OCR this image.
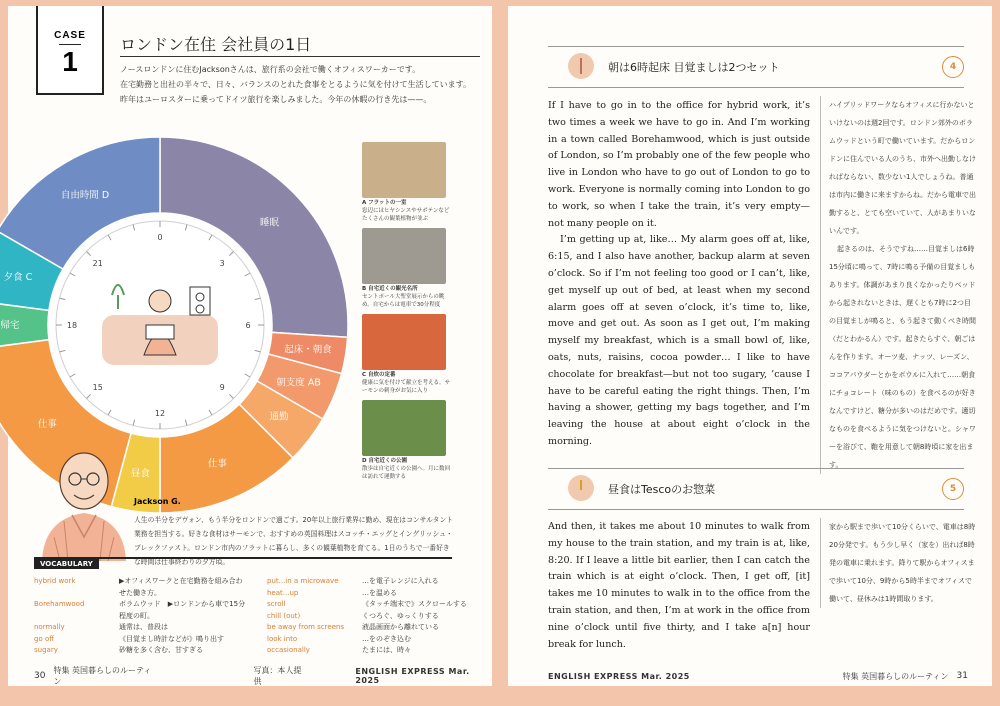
CASE
1
ロンドン在住 会社員の1日
ノースロンドンに住むJacksonさんは、旅行系の会社で働くオフィスワーカーです。
在宅勤務と出社の半々で、日々、バランスのとれた食事をとるように気を付けて生活しています。
昨年はユーロスターに乗ってドイツ旅行を楽しみました。今年の休暇の行き先は——。
睡眠
起床・朝食
朝支度 AB
通勤
仕事
昼食
仕事
帰宅
夕食 C
自由時間 D
0
3
6
9
12
15
18
21
A フラットの一室
窓辺にはヒヤシンスやサボテンなどたくさんの観葉植物が並ぶ
B 自宅近くの観光名所
セントポール大聖堂展示からの眺め。自宅からは電車で30分程度
C 自炊の定番
健康に気を付けて献立を考える。サーモンの刺身がお気に入り
D 自宅近くの公園
散歩は自宅近くの公園へ。月に数回は訪れて運動する
Jackson G.
人生の半分をデヴォン、もう半分をロンドンで過ごす。20年以上旅行業界に勤め、現在はコンサルタント業務を担当する。好きな食材はサーモンで、おすすめの英国料理はスコッチ・エッグとイングリッシュ・ブレックファスト。ロンドン市内のフラットに暮らし、多くの観葉植物を育てる。1日のうちで一番好きな時間は仕事終わりの夕方頃。
VOCABULARY
hybrid work	▶オフィスワークと在宅勤務を組み合わせた働き方。
Borehamwood	ボラムウッド　▶ロンドンから車で15分程度の町。
normally	通常は、普段は
go off	《目覚まし時計などが》鳴り出す
sugary	砂糖を多く含む、甘すぎる
put...in a microwave	…を電子レンジに入れる
heat...up	…を温める
scroll	《タッチ端末で》スクロールする
chill (out)	くつろぐ、ゆっくりする
be away from screens	液晶画面から離れている
look into	…をのぞき込む
occasionally	たまには、時々
30
特集 英国暮らしのルーティン
写真：本人提供
ENGLISH EXPRESS Mar. 2025
朝は6時起床 目覚ましは2つセット	4

If I have to go in to the office for hybrid work, it’s two times a week we have to go in. And I’m working in a town called Borehamwood, which is just outside of London, so I’m probably one of the few people who live in London who have to go out of London to go to work. Everyone is normally coming into London to go to work, so when I take the train, it’s very empty—not many people on it.

I’m getting up at, like… My alarm goes off at, like, 6:15, and I also have another, backup alarm at seven o’clock. So if I’m not feeling too good or I can’t, like, get myself up out of bed, at least when my second alarm goes off at seven o’clock, it’s time to, like, move and get out. As soon as I get out, I’m making myself my breakfast, which is a small bowl of, like, oats, nuts, raisins, cocoa powder… I like to have chocolate for breakfast—but not too sugary, ’cause I have to be careful eating the right things. Then, I’m having a shower, getting my bags together, and I’m leaving the house at about eight o’clock in the morning.

ハイブリッドワークならオフィスに行かないといけないのは週2回です。ロンドン郊外のボラムウッドという町で働いています。だからロンドンに住んでいる人のうち、市外へ出勤しなければならない、数少ない1人でしょうね。普通は市内に働きに来ますからね。だから電車で出勤すると、とても空いていて、人があまりいないんです。

起きるのは、そうですね……目覚ましは6時15分頃に鳴って、7時に鳴る予備の目覚ましもあります。体調があまり良くなかったりベッドから起きれないときは、遅くとも7時に2つ目の目覚ましが鳴ると、もう起きて動くべき時間（だとわかるん）です。起きたらすぐ、朝ごはんを作ります。オーツ麦、ナッツ、レーズン、ココアパウダーとかをボウルに入れて……朝食にチョコレート（味のもの）を食べるのが好きなんですけど、糖分が多いのはだめです。適切なものを食べるように気をつけないと。シャワーを浴びて、鞄を用意して朝8時頃に家を出ます。

昼食はTescoのお惣菜	5

And then, it takes me about 10 minutes to walk from my house to the train station, and my train is at, like, 8:20. If I leave a little bit earlier, then I can catch the train which is at eight o’clock. Then, I get off, [it] takes me 10 minutes to walk in to the office from the train station, and then, I’m at work in the office from nine o’clock until five thirty, and I take a[n] hour break for lunch.

家から駅まで歩いて10分くらいで、電車は8時20分発です。もう少し早く（家を）出れば8時発の電車に乗れます。降りて駅からオフィスまで歩いて10分、9時から5時半までオフィスで働いて、昼休みは1時間取ります。

ENGLISH EXPRESS Mar. 2025	特集 英国暮らしのルーティン 31
